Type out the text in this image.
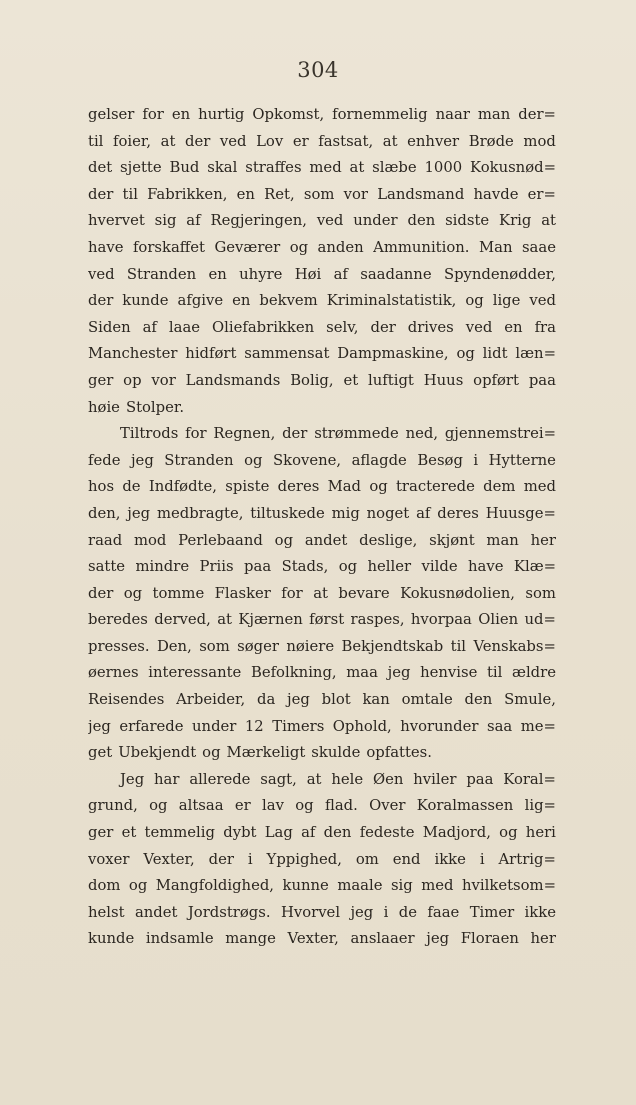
304
gelser for en hurtig Opkomst, fornemmelig naar man der=
til foier, at der ved Lov er fastsat, at enhver Brøde mod
det sjette Bud skal straffes med at slæbe 1000 Kokusnød=
der til Fabrikken, en Ret, som vor Landsmand havde er=
hvervet sig af Regjeringen, ved under den sidste Krig at
have forskaffet Geværer og anden Ammunition. Man saae
ved Stranden en uhyre Høi af saadanne Spyndenødder,
der kunde afgive en bekvem Kriminalstatistik, og lige ved
Siden af laae Oliefabrikken selv, der drives ved en fra
Manchester hidført sammensat Dampmaskine, og lidt læn=
ger op vor Landsmands Bolig, et luftigt Huus opført paa
høie Stolper.
Tiltrods for Regnen, der strømmede ned, gjennemstrei=
fede jeg Stranden og Skovene, aflagde Besøg i Hytterne
hos de Indfødte, spiste deres Mad og tracterede dem med
den, jeg medbragte, tiltuskede mig noget af deres Huusge=
raad mod Perlebaand og andet deslige, skjønt man her
satte mindre Priis paa Stads, og heller vilde have Klæ=
der og tomme Flasker for at bevare Kokusnødolien, som
beredes derved, at Kjærnen først raspes, hvorpaa Olien ud=
presses. Den, som søger nøiere Bekjendtskab til Venskabs=
øernes interessante Befolkning, maa jeg henvise til ældre
Reisendes Arbeider, da jeg blot kan omtale den Smule,
jeg erfarede under 12 Timers Ophold, hvorunder saa me=
get Ubekjendt og Mærkeligt skulde opfattes.
Jeg har allerede sagt, at hele Øen hviler paa Koral=
grund, og altsaa er lav og flad. Over Koralmassen lig=
ger et temmelig dybt Lag af den fedeste Madjord, og heri
voxer Vexter, der i Yppighed, om end ikke i Artrig=
dom og Mangfoldighed, kunne maale sig med hvilketsom=
helst andet Jordstrøgs. Hvorvel jeg i de faae Timer ikke
kunde indsamle mange Vexter, anslaaer jeg Floraen her
